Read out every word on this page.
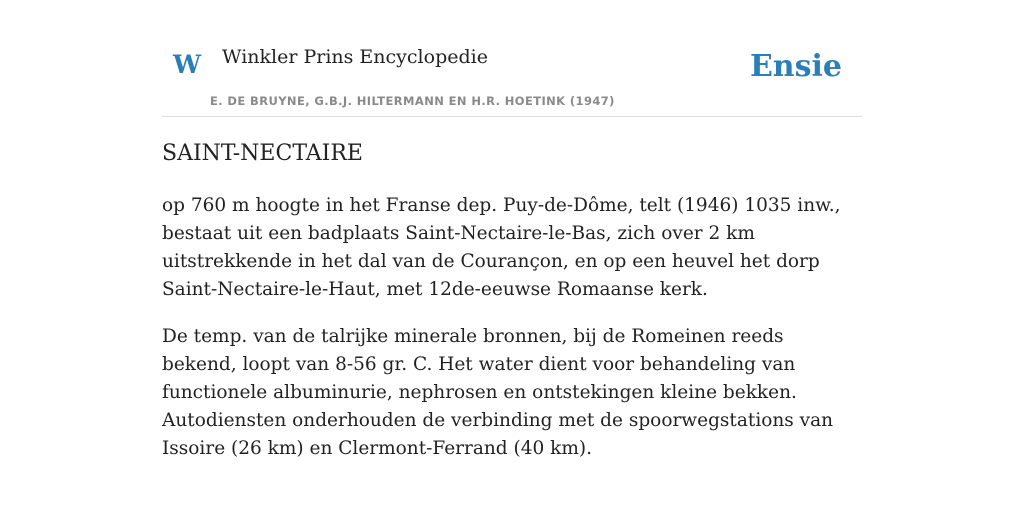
W Winkler Prins Encyclopedie
E. DE BRUYNE, G.B.J. HILTERMANN EN H.R. HOETINK (1947)
Ensie
SAINT-NECTAIRE

op 760 m hoogte in het Franse dep. Puy-de-Dôme, telt (1946) 1035 inw., bestaat uit een badplaats Saint-Nectaire-le-Bas, zich over 2 km uitstrekkende in het dal van de Courançon, en op een heuvel het dorp Saint-Nectaire-le-Haut, met 12de-eeuwse Romaanse kerk.

De temp. van de talrijke minerale bronnen, bij de Romeinen reeds bekend, loopt van 8-56 gr. C. Het water dient voor behandeling van functionele albuminurie, nephrosen en ontstekingen kleine bekken. Autodiensten onderhouden de verbinding met de spoorwegstations van Issoire (26 km) en Clermont-Ferrand (40 km).
